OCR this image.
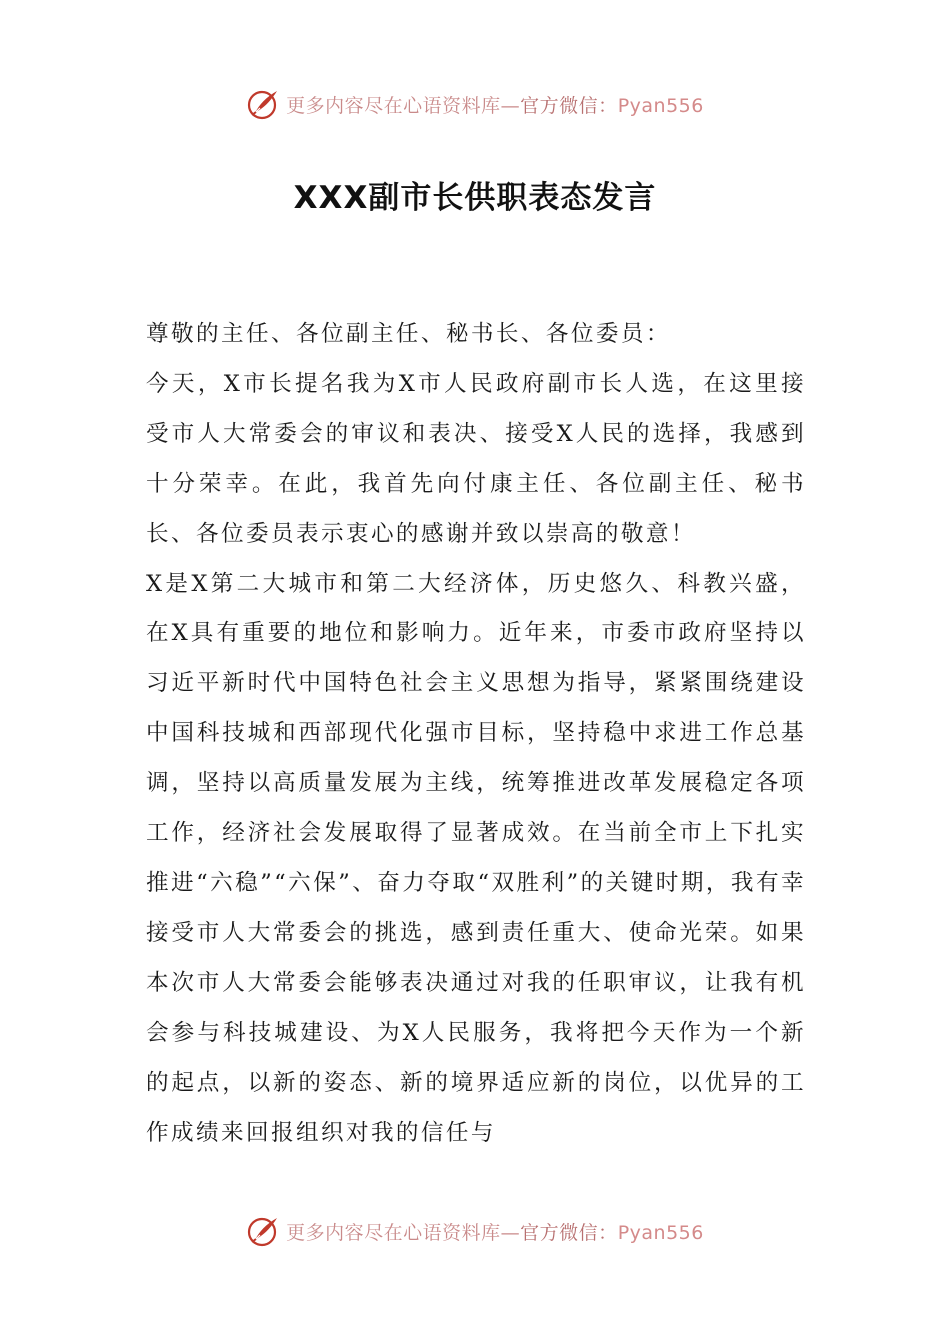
更多内容尽在心语资料库—官方微信：Pyan556
XXX副市长供职表态发言

尊敬的主任、各位副主任、秘书长、各位委员：

今天，X市长提名我为X市人民政府副市长人选，在这里接受市人大常委会的审议和表决、接受X人民的选择，我感到十分荣幸。在此，我首先向付康主任、各位副主任、秘书长、各位委员表示衷心的感谢并致以崇高的敬意！

X是X第二大城市和第二大经济体，历史悠久、科教兴盛，在X具有重要的地位和影响力。近年来，市委市政府坚持以习近平新时代中国特色社会主义思想为指导，紧紧围绕建设中国科技城和西部现代化强市目标，坚持稳中求进工作总基调，坚持以高质量发展为主线，统筹推进改革发展稳定各项工作，经济社会发展取得了显著成效。在当前全市上下扎实推进“六稳”“六保”、奋力夺取“双胜利”的关键时期，我有幸接受市人大常委会的挑选，感到责任重大、使命光荣。如果本次市人大常委会能够表决通过对我的任职审议，让我有机会参与科技城建设、为X人民服务，我将把今天作为一个新的起点，以新的姿态、新的境界适应新的岗位，以优异的工作成绩来回报组织对我的信任与

更多内容尽在心语资料库—官方微信：Pyan556
